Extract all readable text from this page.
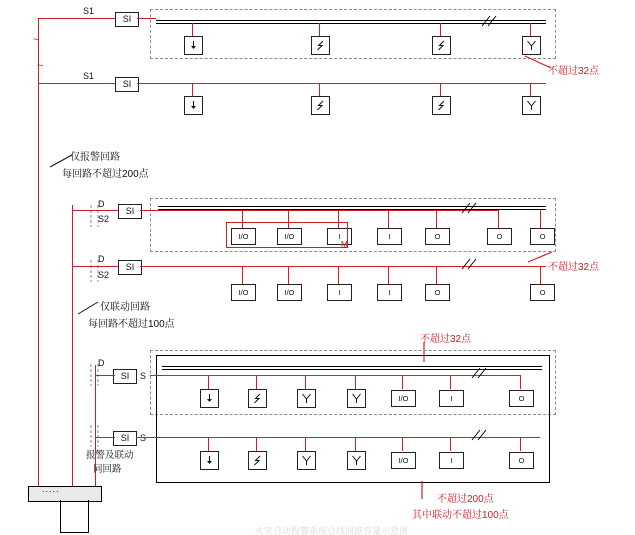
~
~
S1
SI
不超过32点
S1
SI
仅报警回路
每回路不超过200点
D
S2
SI
I/O	I/O	I	I	O	O	O
M
D
S2
SI
I/O	I/O	I	I	O	O
不超过32点
仅联动回路
每回路不超过100点
不超过32点
D
SI S
I/O	I	O
SI
I/O	I	O
报警及联动
同回路
不超过200点
其中联动不超过100点
.....
火灾自动报警系统总线回路容量示意图
